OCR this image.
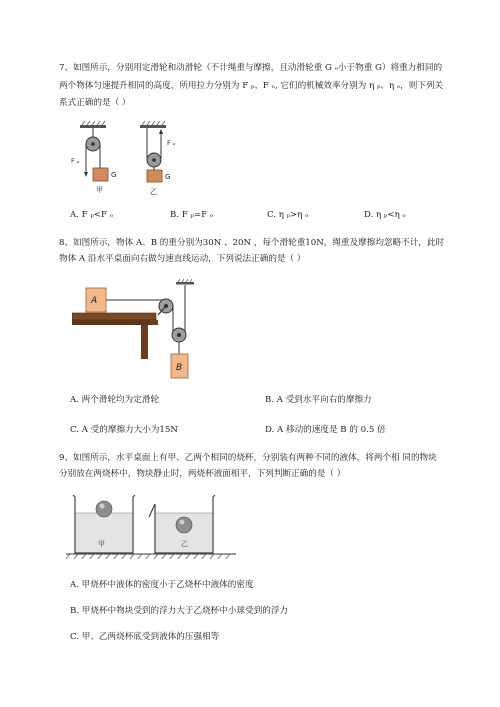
7、如图所示，分别用定滑轮和动滑轮（不计绳重与摩擦，且动滑轮重 G ₒ小于物重 G）将重力相同的
两个物体匀速提升相同的高度，所用拉力分别为 F ₚ、F ₒ, 它们的机械效率分别为 η ₚ、η ₒ，则下列关
系式正确的是（ ）
G
F ₚ
甲
F ₒ
G
乙
A. F ₚ<F ₒ	B. F ₚ=F ₒ	C. η ₚ>η ₒ	D. η ₚ<η ₒ
8、如图所示，物体 A、B 的重分别为30N 、20N ，每个滑轮重10N，绳重及摩擦均忽略不计，此时
物体 A 沿水平桌面向右做匀速直线运动，下列说法正确的是（ ）
A
B
A. 两个滑轮均为定滑轮	B. A 受到水平向右的摩擦力
C. A 受的摩擦力大小为15N	D. A 移动的速度是 B 的 0.5 倍
9、如图所示，水平桌面上有甲、乙两个相同的烧杯，分别装有两种不同的液体，将两个相 同的物块
分别放在两烧杯中，物块静止时，两烧杯液面相平，下列判断正确的是（ ）
甲	乙
A. 甲烧杯中液体的密度小于乙烧杯中液体的密度
B. 甲烧杯中物块受到的浮力大于乙烧杯中小球受到的浮力
C. 甲、乙两烧杯底受到液体的压强相等
